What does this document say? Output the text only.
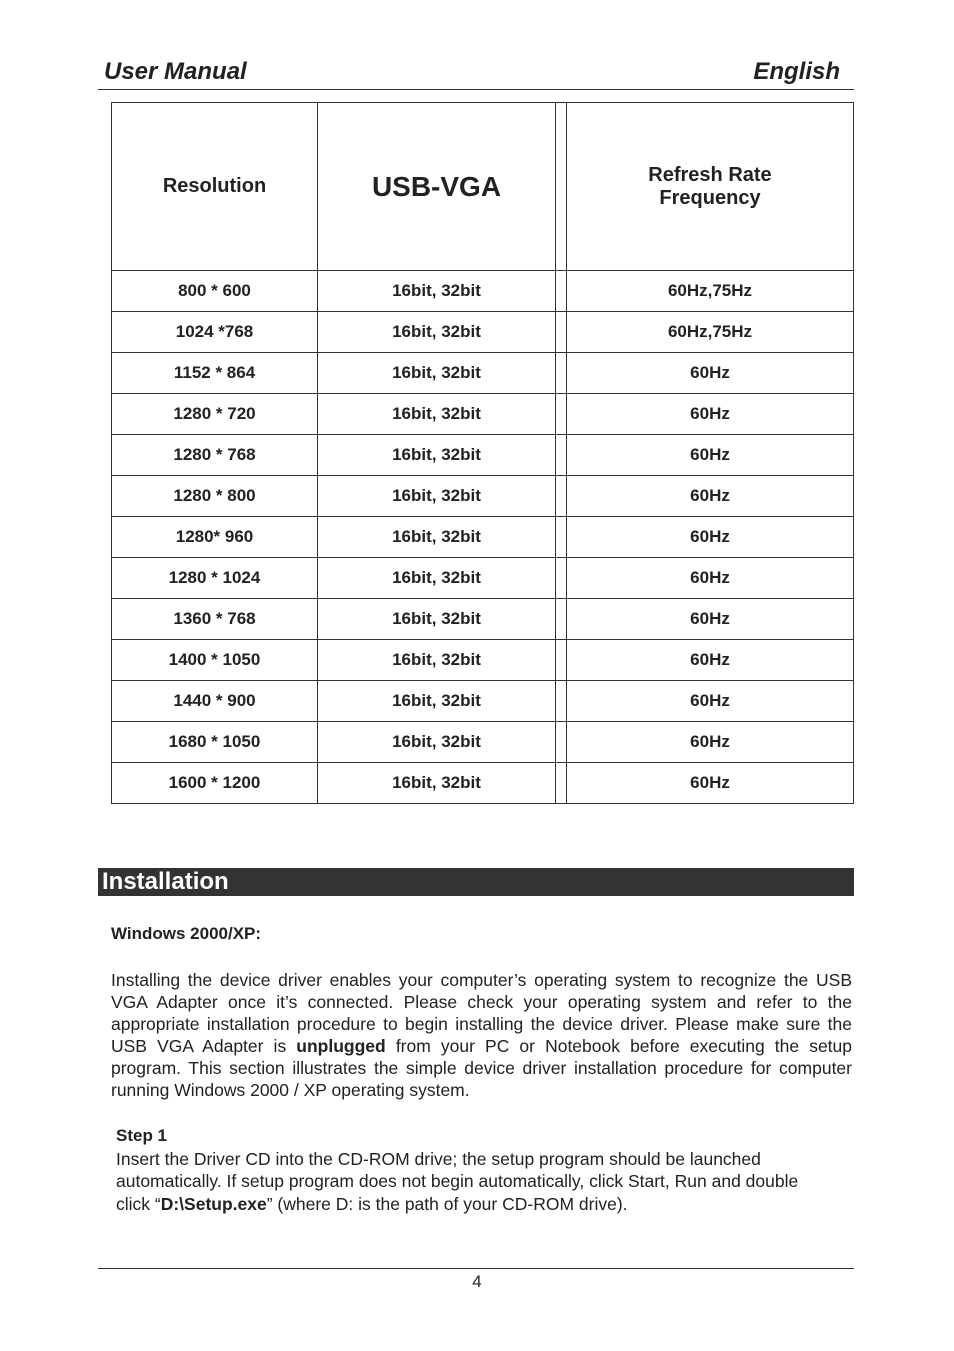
User Manual	English
Resolution	USB-VGA		Refresh Rate
Frequency
800 * 600	16bit, 32bit		60Hz,75Hz
1024 *768	16bit, 32bit		60Hz,75Hz
1152 * 864	16bit, 32bit		60Hz
1280 * 720	16bit, 32bit		60Hz
1280 * 768	16bit, 32bit		60Hz
1280 * 800	16bit, 32bit		60Hz
1280* 960	16bit, 32bit		60Hz
1280 * 1024	16bit, 32bit		60Hz
1360 * 768	16bit, 32bit		60Hz
1400 * 1050	16bit, 32bit		60Hz
1440 * 900	16bit, 32bit		60Hz
1680 * 1050	16bit, 32bit		60Hz
1600 * 1200	16bit, 32bit		60Hz
Installation
Windows 2000/XP:
Installing the device driver enables your computer’s operating system to recognize the USB VGA Adapter once it’s connected. Please check your operating system and refer to the appropriate installation procedure to begin installing the device driver. Please make sure the USB VGA Adapter is unplugged from your PC or Notebook before executing the setup program. This section illustrates the simple device driver installation procedure for computer running Windows 2000 / XP operating system.
Step 1
Insert the Driver CD into the CD-ROM drive; the setup program should be launched automatically. If setup program does not begin automatically, click Start, Run and double click “D:\Setup.exe” (where D: is the path of your CD-ROM drive).
4
